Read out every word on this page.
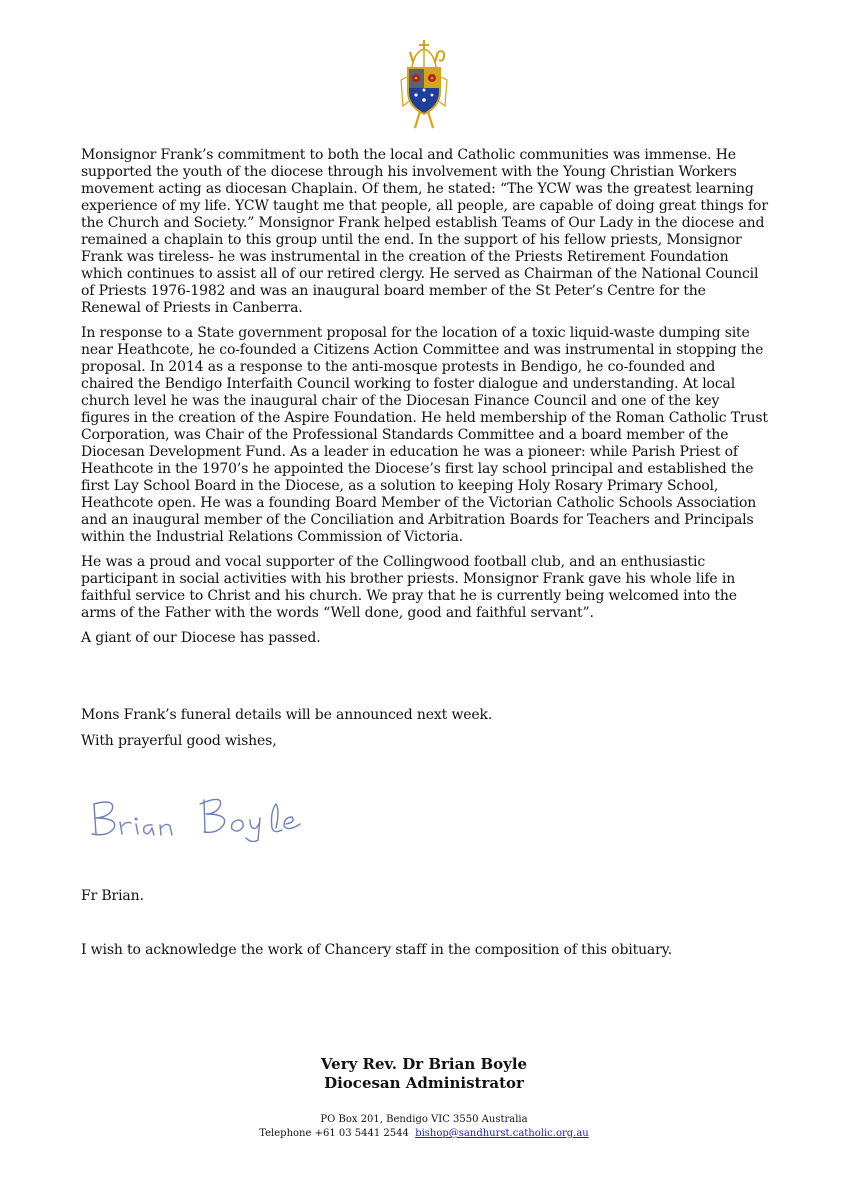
Monsignor Frank’s commitment to both the local and Catholic communities was immense. He supported the youth of the diocese through his involvement with the Young Christian Workers movement acting as diocesan Chaplain. Of them, he stated: “The YCW was the greatest learning experience of my life. YCW taught me that people, all people, are capable of doing great things for the Church and Society.” Monsignor Frank helped establish Teams of Our Lady in the diocese and remained a chaplain to this group until the end. In the support of his fellow priests, Monsignor Frank was tireless- he was instrumental in the creation of the Priests Retirement Foundation which continues to assist all of our retired clergy. He served as Chairman of the National Council of Priests 1976-1982 and was an inaugural board member of the St Peter’s Centre for the Renewal of Priests in Canberra.

In response to a State government proposal for the location of a toxic liquid-waste dumping site near Heathcote, he co-founded a Citizens Action Committee and was instrumental in stopping the proposal. In 2014 as a response to the anti-mosque protests in Bendigo, he co-founded and chaired the Bendigo Interfaith Council working to foster dialogue and understanding. At local church level he was the inaugural chair of the Diocesan Finance Council and one of the key figures in the creation of the Aspire Foundation. He held membership of the Roman Catholic Trust Corporation, was Chair of the Professional Standards Committee and a board member of the Diocesan Development Fund. As a leader in education he was a pioneer: while Parish Priest of Heathcote in the 1970’s he appointed the Diocese’s first lay school principal and established the first Lay School Board in the Diocese, as a solution to keeping Holy Rosary Primary School, Heathcote open. He was a founding Board Member of the Victorian Catholic Schools Association and an inaugural member of the Conciliation and Arbitration Boards for Teachers and Principals within the Industrial Relations Commission of Victoria.

He was a proud and vocal supporter of the Collingwood football club, and an enthusiastic participant in social activities with his brother priests. Monsignor Frank gave his whole life in faithful service to Christ and his church. We pray that he is currently being welcomed into the arms of the Father with the words “Well done, good and faithful servant”.

A giant of our Diocese has passed.

Mons Frank’s funeral details will be announced next week.

With prayerful good wishes,

Fr Brian.

I wish to acknowledge the work of Chancery staff in the composition of this obituary.

Very Rev. Dr Brian Boyle
Diocesan Administrator
PO Box 201, Bendigo VIC 3550 Australia
Telephone +61 03 5441 2544 bishop@sandhurst.catholic.org.au
